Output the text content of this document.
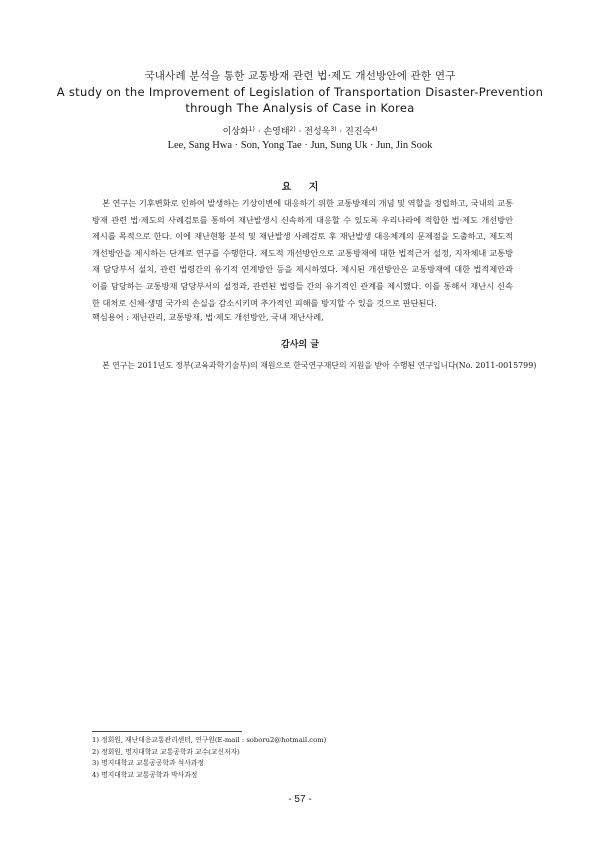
국내사례 분석을 통한 교통방재 관련 법·제도 개선방안에 관한 연구
A study on the Improvement of Legislation of Transportation Disaster-Prevention
through The Analysis of Case in Korea
이상화$^{1)}$ · 손영태$^{2)}$ · 전성욱$^{3)}$ · 진진숙$^{4)}$
Lee, Sang Hwa · Son, Yong Tae · Jun, Sung Uk · Jun, Jin Sook
요 지

본 연구는 기후변화로 인하여 발생하는 기상이변에 대응하기 위한 교통방재의 개념 및 역할을 정립하고, 국내의 교통방재 관련 법·제도의 사례검토를 통하여 재난발생시 신속하게 대응할 수 있도록 우리나라에 적합한 법·제도 개선방안 제시를 목적으로 한다. 이에 재난현황 분석 및 재난발생 사례검토 후 재난발생 대응체계의 문제점을 도출하고, 제도적 개선방안을 제시하는 단계로 연구를 수행한다. 제도적 개선방안으로 교통방재에 대한 법적근거 설정, 지자체내 교통방재 담당부서 설치, 관련 법령간의 유기적 연계방안 등을 제시하였다. 제시된 개선방안은 교통방재에 대한 법적제안과 이를 담당하는 교통방재 담당부서의 설정과, 관련된 법령들 간의 유기적인 관계를 제시했다. 이를 통해서 재난시 신속한 대처로 신체·생명 국가의 손실을 감소시키며 추가적인 피해를 방지할 수 있을 것으로 판단된다.

핵심용어 : 재난관리, 교통방재, 법·제도 개선방안, 국내 재난사례,
감사의 글

본 연구는 2011년도 정부(교육과학기술부)의 재원으로 한국연구재단의 지원을 받아 수행된 연구입니다(No. 2011-0015799)

1) 정회원, 재난대응교통관리센터, 연구원(E-mail : soboru2@hotmail.com)
2) 정회원, 명지대학교 교통공학과 교수(교신저자)
3) 명지대학교 교통공공학과 석사과정
4) 명지대학교 교통공학과 박사과정
- 57 -
